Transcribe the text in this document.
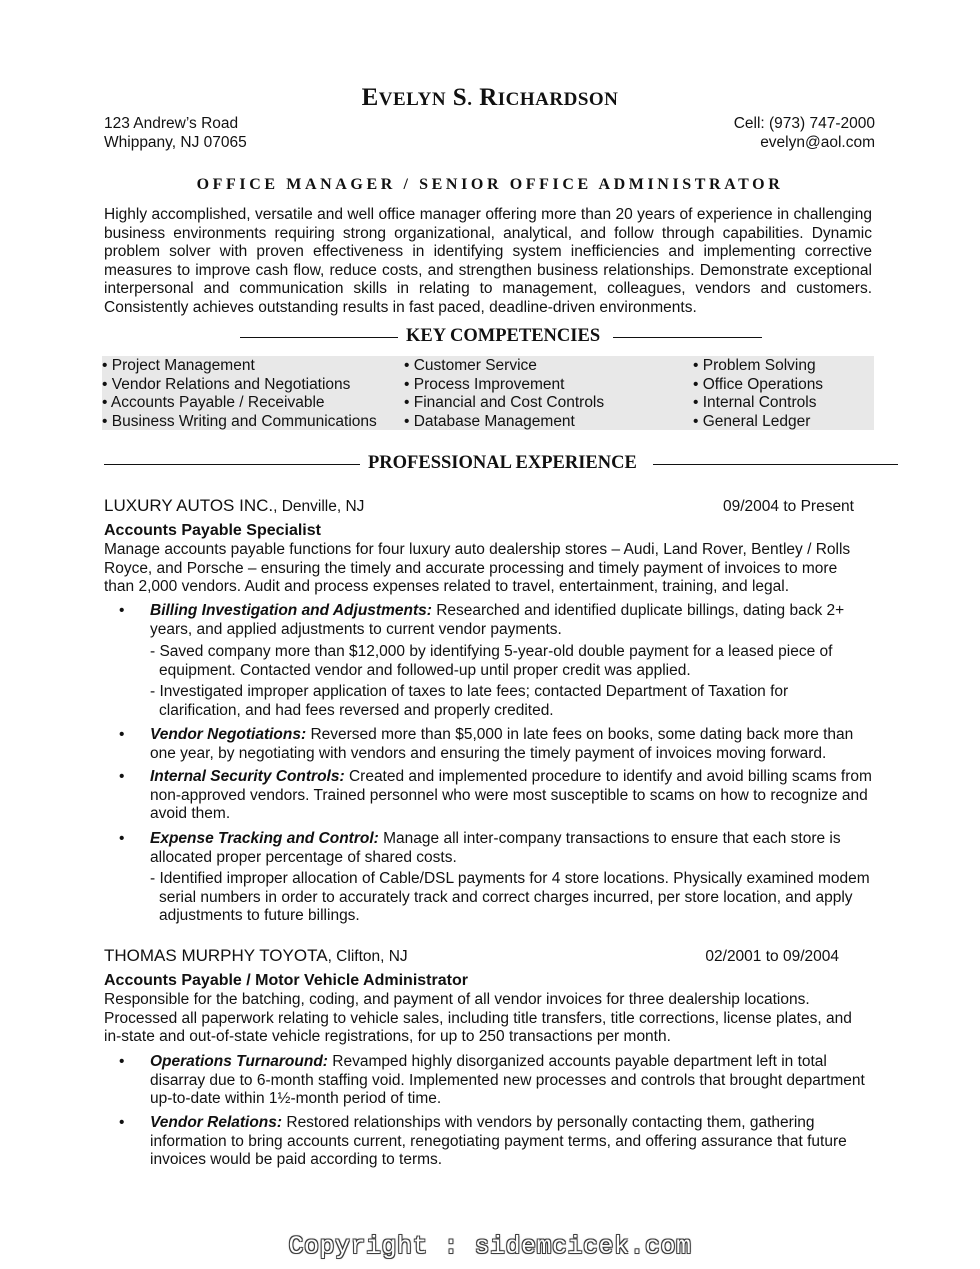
EVELYN S. RICHARDSON
123 Andrew’s Road
Whippany, NJ 07065
Cell: (973) 747-2000
evelyn@aol.com
OFFICE MANAGER / SENIOR OFFICE ADMINISTRATOR
Highly accomplished, versatile and well office manager offering more than 20 years of experience in challenging business environments requiring strong organizational, analytical, and follow through capabilities. Dynamic problem solver with proven effectiveness in identifying system inefficiencies and implementing corrective measures to improve cash flow, reduce costs, and strengthen business relationships. Demonstrate exceptional interpersonal and communication skills in relating to management, colleagues, vendors and customers. Consistently achieves outstanding results in fast paced, deadline-driven environments.
KEY COMPETENCIES
• Project Management
• Vendor Relations and Negotiations
• Accounts Payable / Receivable
• Business Writing and Communications
• Customer Service
• Process Improvement
• Financial and Cost Controls
• Database Management
• Problem Solving
• Office Operations
• Internal Controls
• General Ledger
PROFESSIONAL EXPERIENCE
LUXURY AUTOS INC., Denville, NJ	09/2004 to Present
Accounts Payable Specialist
Manage accounts payable functions for four luxury auto dealership stores – Audi, Land Rover, Bentley / Rolls Royce, and Porsche – ensuring the timely and accurate processing and timely payment of invoices to more than 2,000 vendors. Audit and process expenses related to travel, entertainment, training, and legal.
• Billing Investigation and Adjustments: Researched and identified duplicate billings, dating back 2+ years, and applied adjustments to current vendor payments.
- Saved company more than $12,000 by identifying 5-year-old double payment for a leased piece of equipment. Contacted vendor and followed-up until proper credit was applied.
- Investigated improper application of taxes to late fees; contacted Department of Taxation for clarification, and had fees reversed and properly credited.
• Vendor Negotiations: Reversed more than $5,000 in late fees on books, some dating back more than one year, by negotiating with vendors and ensuring the timely payment of invoices moving forward.
• Internal Security Controls: Created and implemented procedure to identify and avoid billing scams from non-approved vendors. Trained personnel who were most susceptible to scams on how to recognize and avoid them.
• Expense Tracking and Control: Manage all inter-company transactions to ensure that each store is allocated proper percentage of shared costs.
- Identified improper allocation of Cable/DSL payments for 4 store locations. Physically examined modem serial numbers in order to accurately track and correct charges incurred, per store location, and apply adjustments to future billings.
THOMAS MURPHY TOYOTA, Clifton, NJ	02/2001 to 09/2004
Accounts Payable / Motor Vehicle Administrator
Responsible for the batching, coding, and payment of all vendor invoices for three dealership locations. Processed all paperwork relating to vehicle sales, including title transfers, title corrections, license plates, and in-state and out-of-state vehicle registrations, for up to 250 transactions per month.
• Operations Turnaround: Revamped highly disorganized accounts payable department left in total disarray due to 6-month staffing void. Implemented new processes and controls that brought department up-to-date within 1½-month period of time.
• Vendor Relations: Restored relationships with vendors by personally contacting them, gathering information to bring accounts current, renegotiating payment terms, and offering assurance that future invoices would be paid according to terms.
Copyright : sidemcicek.com
